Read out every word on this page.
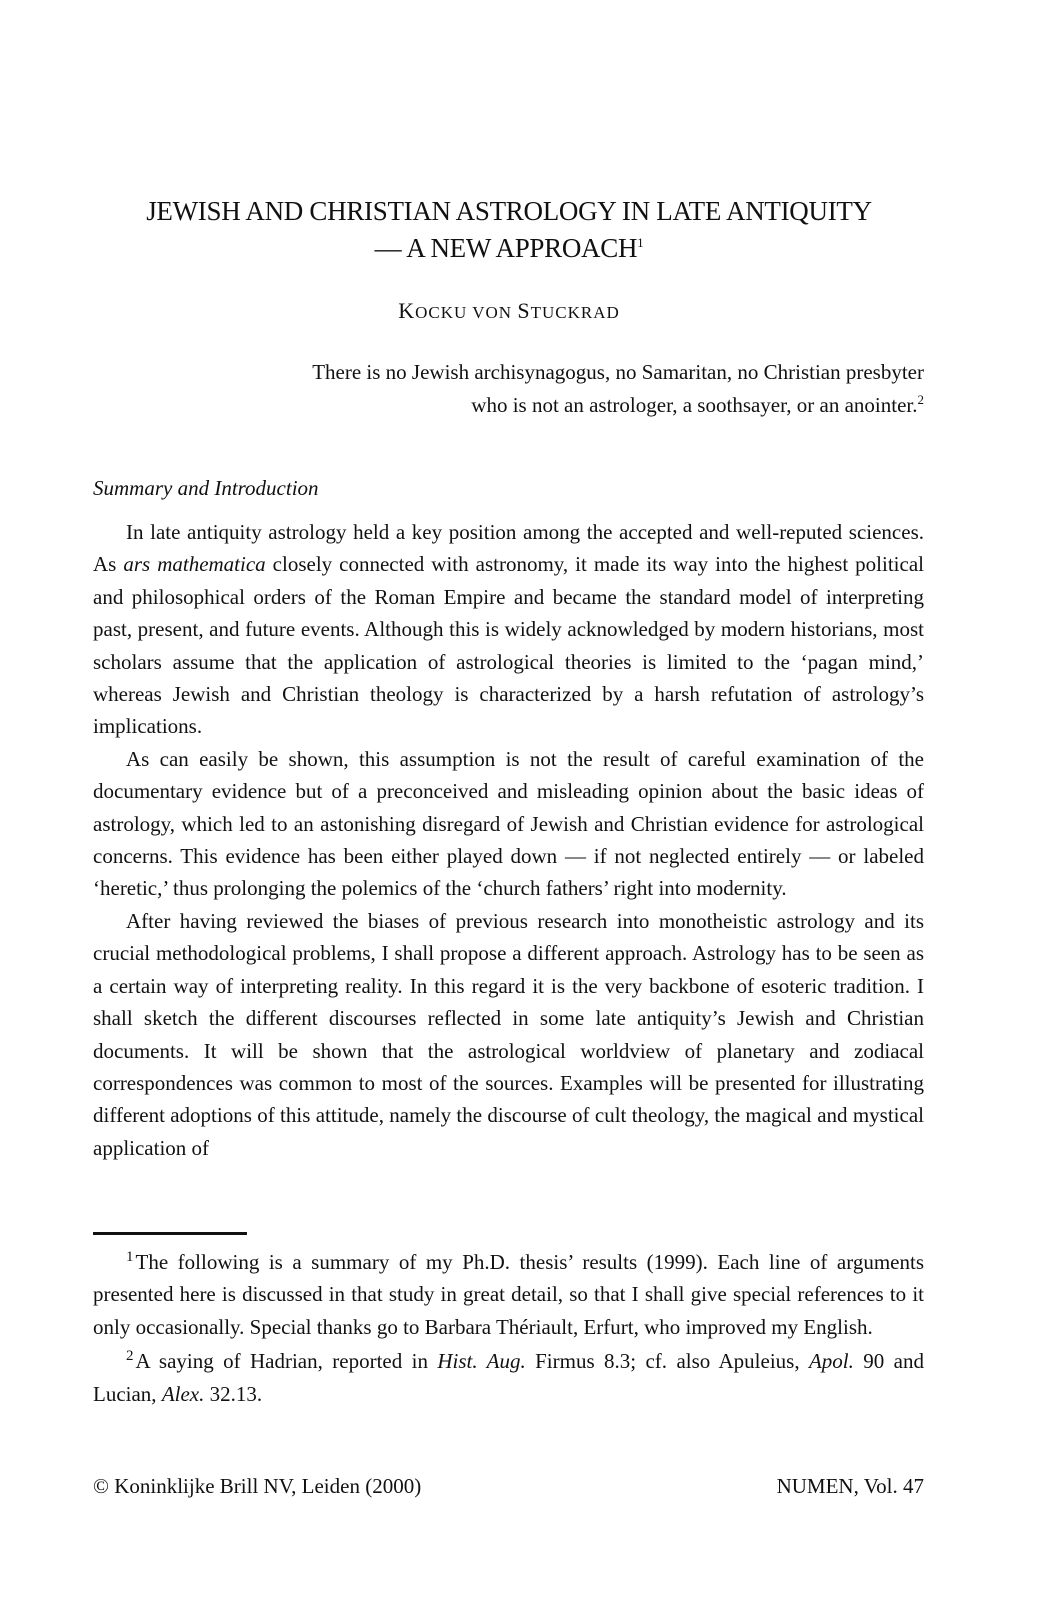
JEWISH AND CHRISTIAN ASTROLOGY IN LATE ANTIQUITY
— A NEW APPROACH$^1$
KOCKU VON STUCKRAD
There is no Jewish archisynagogus, no Samaritan, no Christian presbyter
who is not an astrologer, a soothsayer, or an anointer.$^2$
Summary and Introduction

In late antiquity astrology held a key position among the accepted and well-reputed sciences. As ars mathematica closely connected with astronomy, it made its way into the highest political and philosophical orders of the Roman Empire and became the standard model of interpreting past, present, and future events. Although this is widely acknowledged by modern historians, most scholars assume that the application of astrological theories is limited to the ‘pagan mind,’ whereas Jewish and Christian theology is characterized by a harsh refutation of astrology’s implications.

As can easily be shown, this assumption is not the result of careful examination of the documentary evidence but of a preconceived and misleading opinion about the basic ideas of astrology, which led to an astonishing disregard of Jewish and Christian evidence for astrological concerns. This evidence has been either played down — if not neglected entirely — or labeled ‘heretic,’ thus prolonging the polemics of the ‘church fathers’ right into modernity.

After having reviewed the biases of previous research into monotheistic astrology and its crucial methodological problems, I shall propose a different approach. Astrology has to be seen as a certain way of interpreting reality. In this regard it is the very backbone of esoteric tradition. I shall sketch the different discourses reflected in some late antiquity’s Jewish and Christian documents. It will be shown that the astrological worldview of planetary and zodiacal correspondences was common to most of the sources. Examples will be presented for illustrating different adoptions of this attitude, namely the discourse of cult theology, the magical and mystical application of

$^1$The following is a summary of my Ph.D. thesis’ results (1999). Each line of arguments presented here is discussed in that study in great detail, so that I shall give special references to it only occasionally. Special thanks go to Barbara Thériault, Erfurt, who improved my English.

$^2$A saying of Hadrian, reported in Hist. Aug. Firmus 8.3; cf. also Apuleius, Apol. 90 and Lucian, Alex. 32.13.

© Koninklijke Brill NV, Leiden (2000)	NUMEN, Vol. 47
